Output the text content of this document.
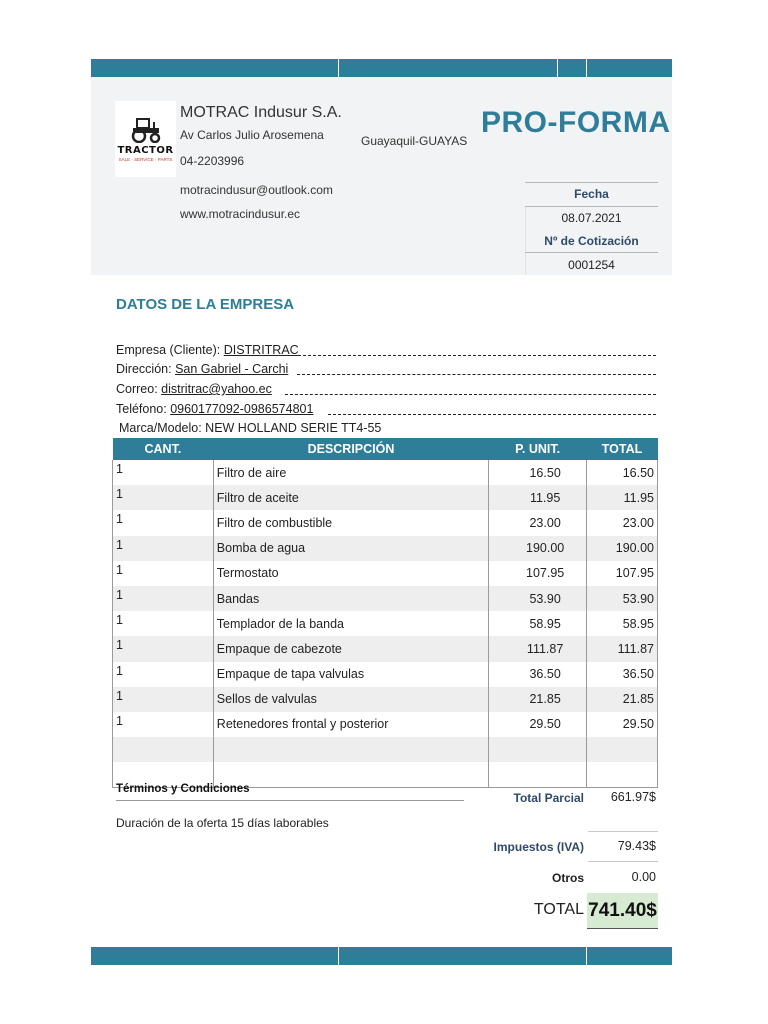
TRACTOR
SALE · SERVICE · PARTS
MOTRAC Indusur S.A.
Av Carlos Julio Arosemena
04-2203996
motracindusur@outlook.com
www.motracindusur.ec
Guayaquil-GUAYAS
PRO-FORMA
Fecha
08.07.2021
Nº de Cotización
0001254
DATOS DE LA EMPRESA
Empresa (Cliente): DISTRITRAC
Dirección: San Gabriel - Carchi
Correo: distritrac@yahoo.ec
Teléfono: 0960177092-0986574801
Marca/Modelo: NEW HOLLAND SERIE TT4-55
CANT.	DESCRIPCIÓN	P. UNIT.	TOTAL
1	Filtro de aire	16.50	16.50
1	Filtro de aceite	11.95	11.95
1	Filtro de combustible	23.00	23.00
1	Bomba de agua	190.00	190.00
1	Termostato	107.95	107.95
1	Bandas	53.90	53.90
1	Templador de la banda	58.95	58.95
1	Empaque de cabezote	111.87	111.87
1	Empaque de tapa valvulas	36.50	36.50
1	Sellos de valvulas	21.85	21.85
1	Retenedores frontal y posterior	29.50	29.50

Términos y Condiciones
Duración de la oferta 15 días laborables
Total Parcial 661.97$
Impuestos (IVA)	79.43$
Otros	0.00
TOTAL 741.40$
